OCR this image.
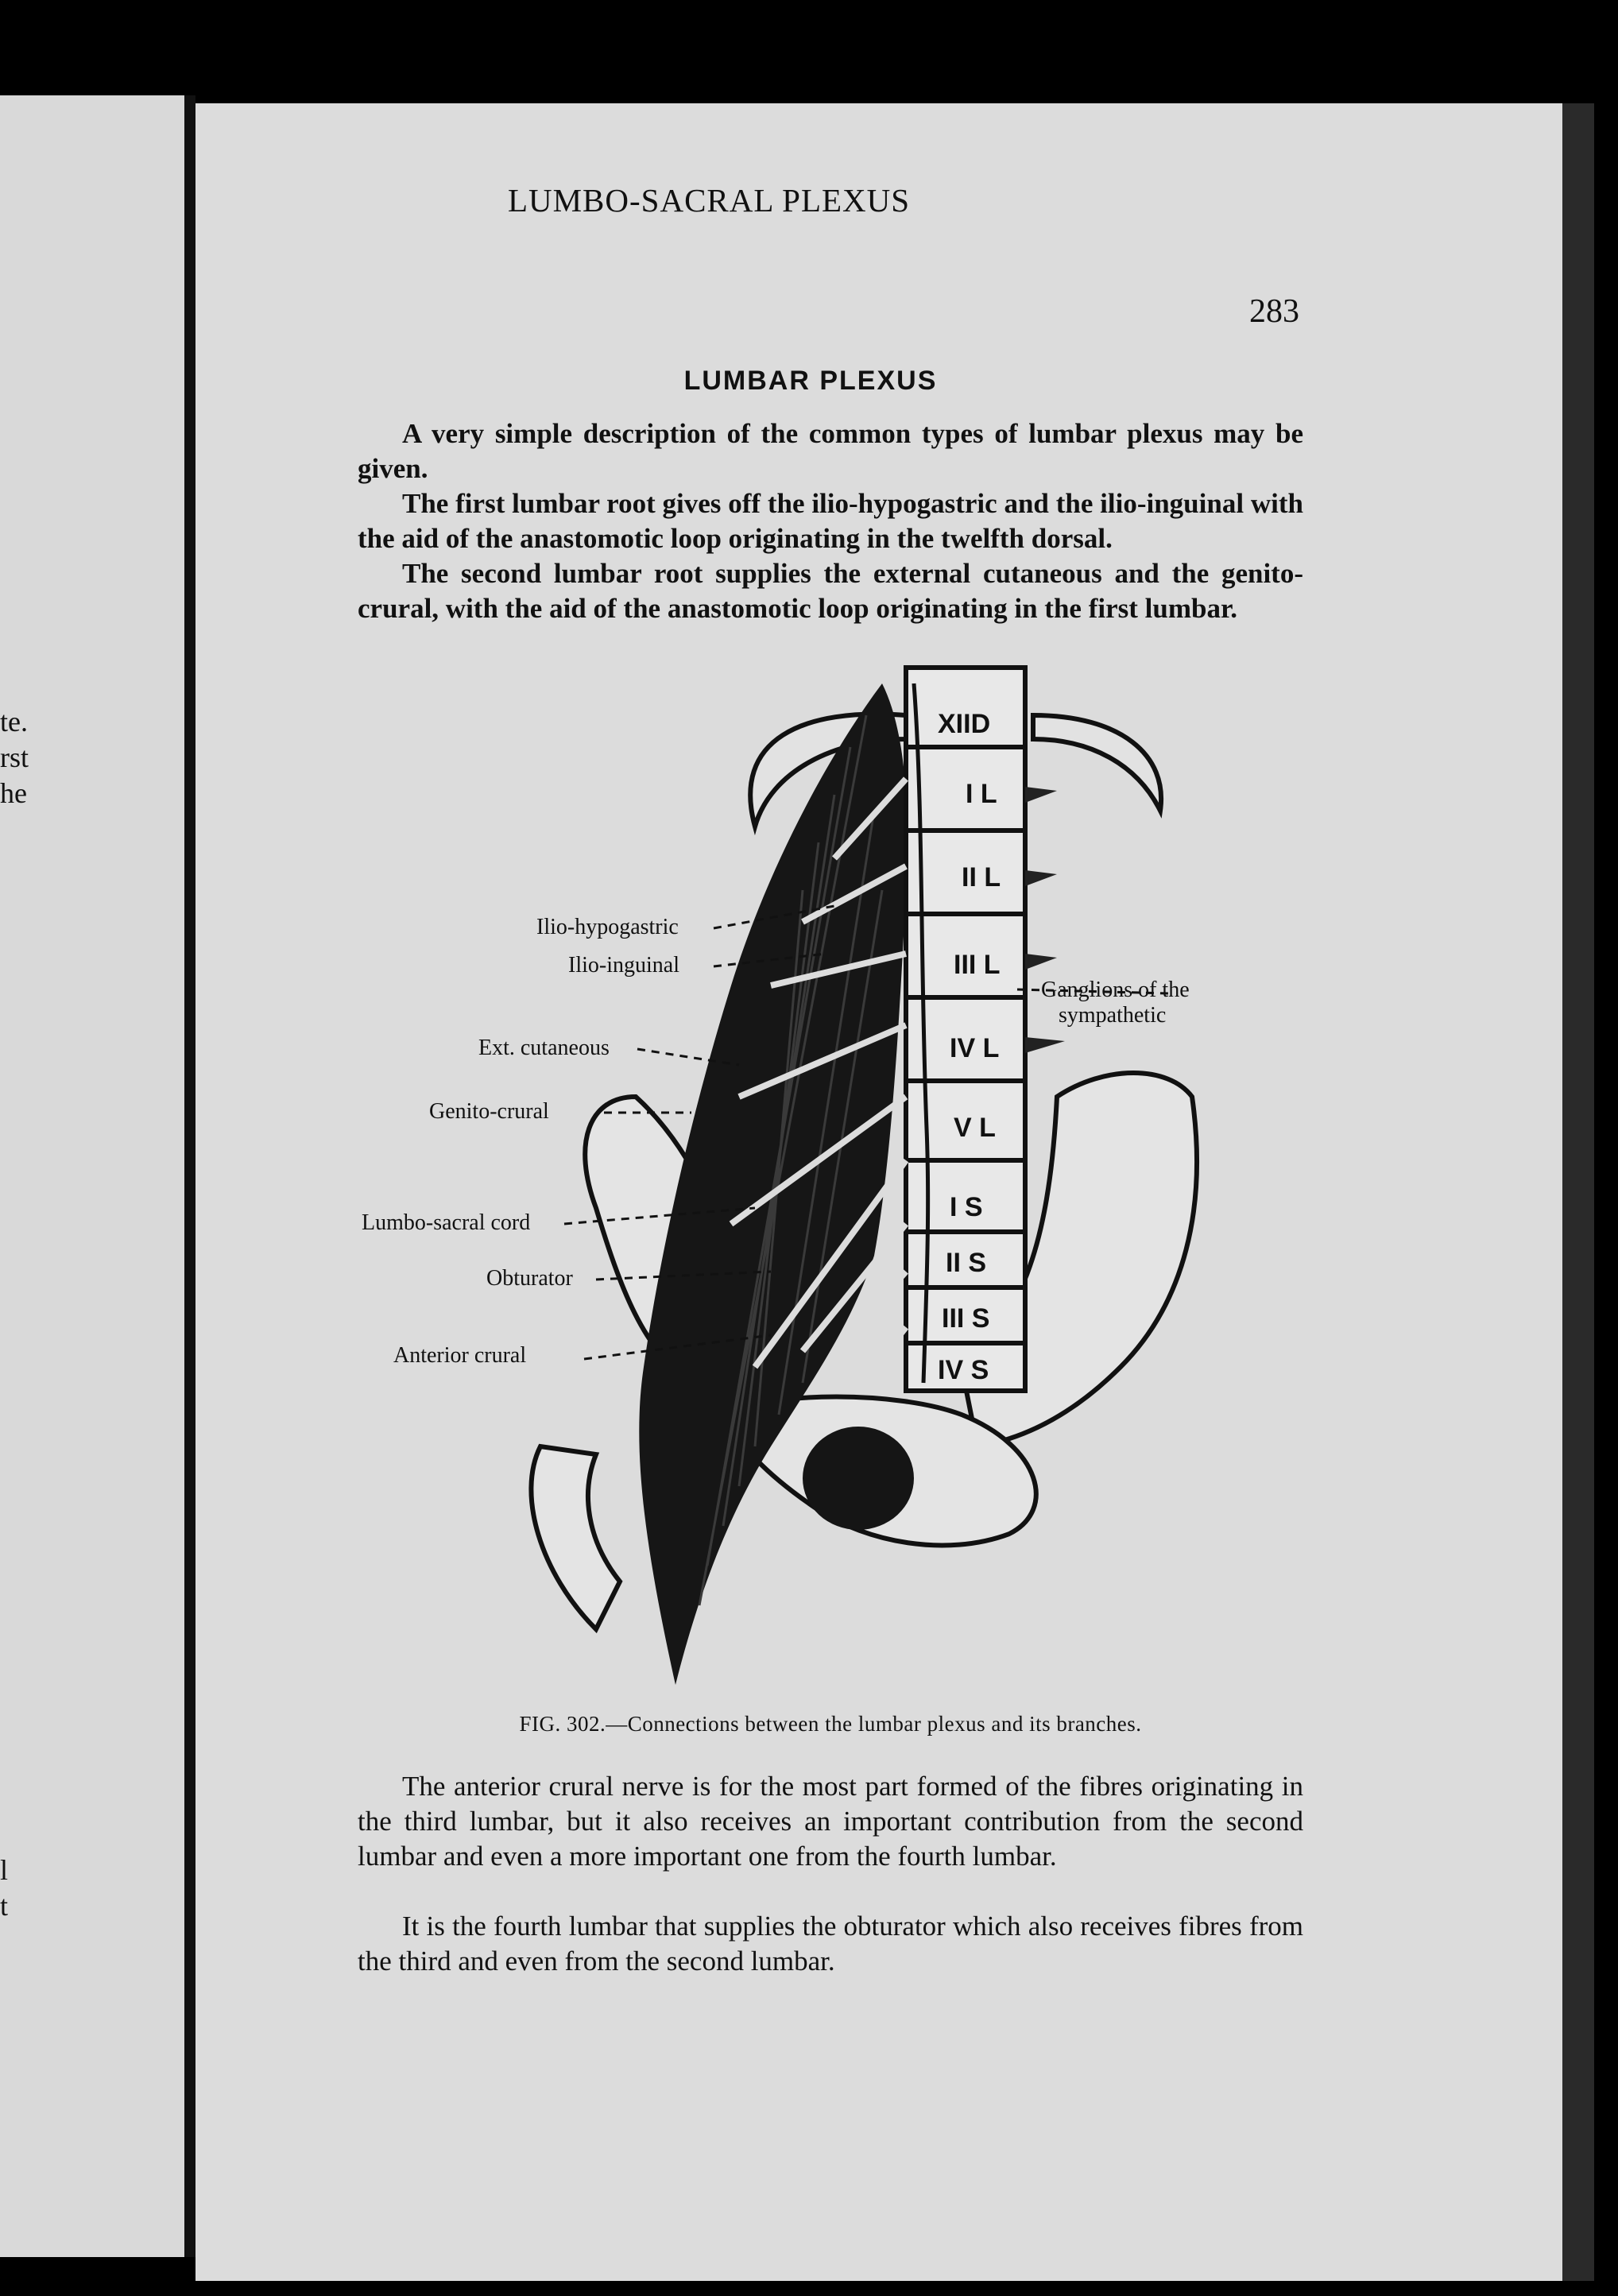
te.
rst
he
l
t
LUMBO-SACRAL PLEXUS
283
LUMBAR PLEXUS

A very simple description of the common types of lumbar plexus may be given.

The first lumbar root gives off the ilio-hypogastric and the ilio-inguinal with the aid of the anastomotic loop originating in the twelfth dorsal.

The second lumbar root supplies the external cutaneous and the genito-crural, with the aid of the anastomotic loop originating in the first lumbar.

XIID
I L
II L
III L
IV L
V L
I S
II S
III S
IV S
Ilio-hypogastric
Ilio-inguinal
Ext. cutaneous
Genito-crural
Lumbo-sacral cord
Obturator
Anterior crural
Ganglions of the
sympathetic
FIG. 302.—Connections between the lumbar plexus and its branches.

The anterior crural nerve is for the most part formed of the fibres originating in the third lumbar, but it also receives an important contribution from the second lumbar and even a more important one from the fourth lumbar.

It is the fourth lumbar that supplies the obturator which also receives fibres from the third and even from the second lumbar.
